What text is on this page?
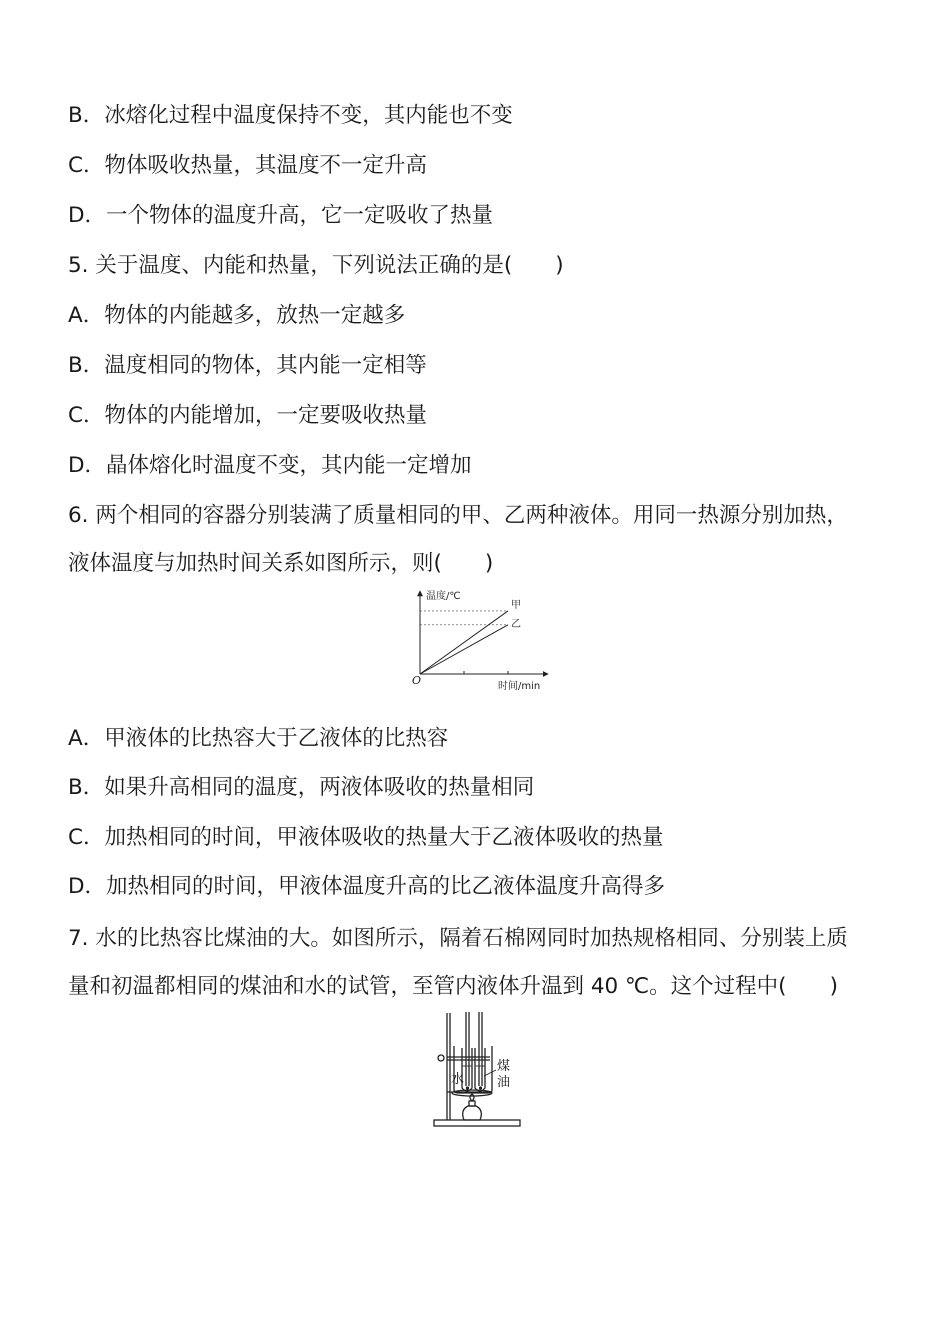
B．冰熔化过程中温度保持不变，其内能也不变

C．物体吸收热量，其温度不一定升高

D．一个物体的温度升高，它一定吸收了热量

5. 关于温度、内能和热量，下列说法正确的是(　　)

A．物体的内能越多，放热一定越多

B．温度相同的物体，其内能一定相等

C．物体的内能增加，一定要吸收热量

D．晶体熔化时温度不变，其内能一定增加

6. 两个相同的容器分别装满了质量相同的甲、乙两种液体。用同一热源分别加热，

液体温度与加热时间关系如图所示，则(　　)

温度/℃
时间/min
O
甲
乙

A．甲液体的比热容大于乙液体的比热容

B．如果升高相同的温度，两液体吸收的热量相同

C．加热相同的时间，甲液体吸收的热量大于乙液体吸收的热量

D．加热相同的时间，甲液体温度升高的比乙液体温度升高得多

7. 水的比热容比煤油的大。如图所示，隔着石棉网同时加热规格相同、分别装上质

量和初温都相同的煤油和水的试管，至管内液体升温到 40 ℃。这个过程中(　　)

水
煤
油
